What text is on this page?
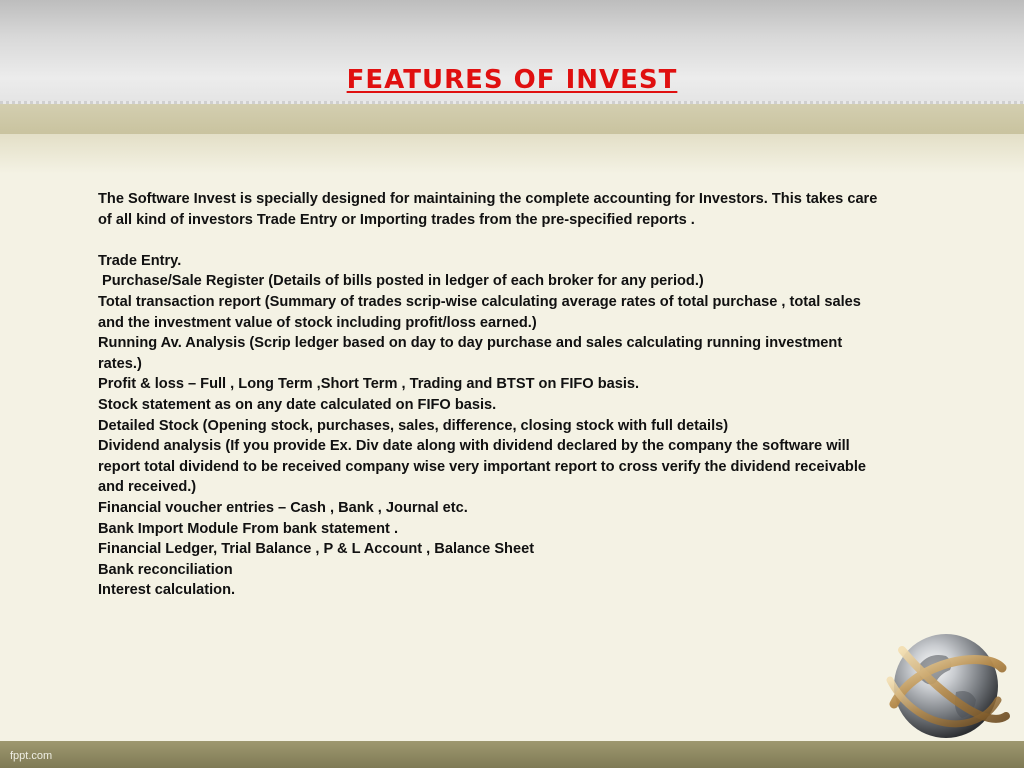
FEATURES OF INVEST

The Software Invest is specially designed for maintaining the complete accounting for Investors. This takes care of all kind of investors Trade Entry or Importing trades from the pre-specified reports .

Trade Entry.

Purchase/Sale Register (Details of bills posted in ledger of each broker for any period.)

Total transaction report (Summary of trades scrip-wise calculating average rates of total purchase , total sales and the investment value of stock including profit/loss earned.)

Running Av. Analysis (Scrip ledger based on day to day purchase and sales calculating running investment rates.)

Profit & loss – Full , Long Term ,Short Term , Trading and BTST on FIFO basis.

Stock statement as on any date calculated on FIFO basis.

Detailed Stock (Opening stock, purchases, sales, difference, closing stock with full details)

Dividend analysis (If you provide Ex. Div date along with dividend declared by the company the software will report total dividend to be received company wise very important report to cross verify the dividend receivable and received.)

Financial voucher entries – Cash , Bank , Journal etc.

Bank Import Module From bank statement .

Financial Ledger, Trial Balance , P & L Account , Balance Sheet

Bank reconciliation

Interest calculation.

fppt.com
